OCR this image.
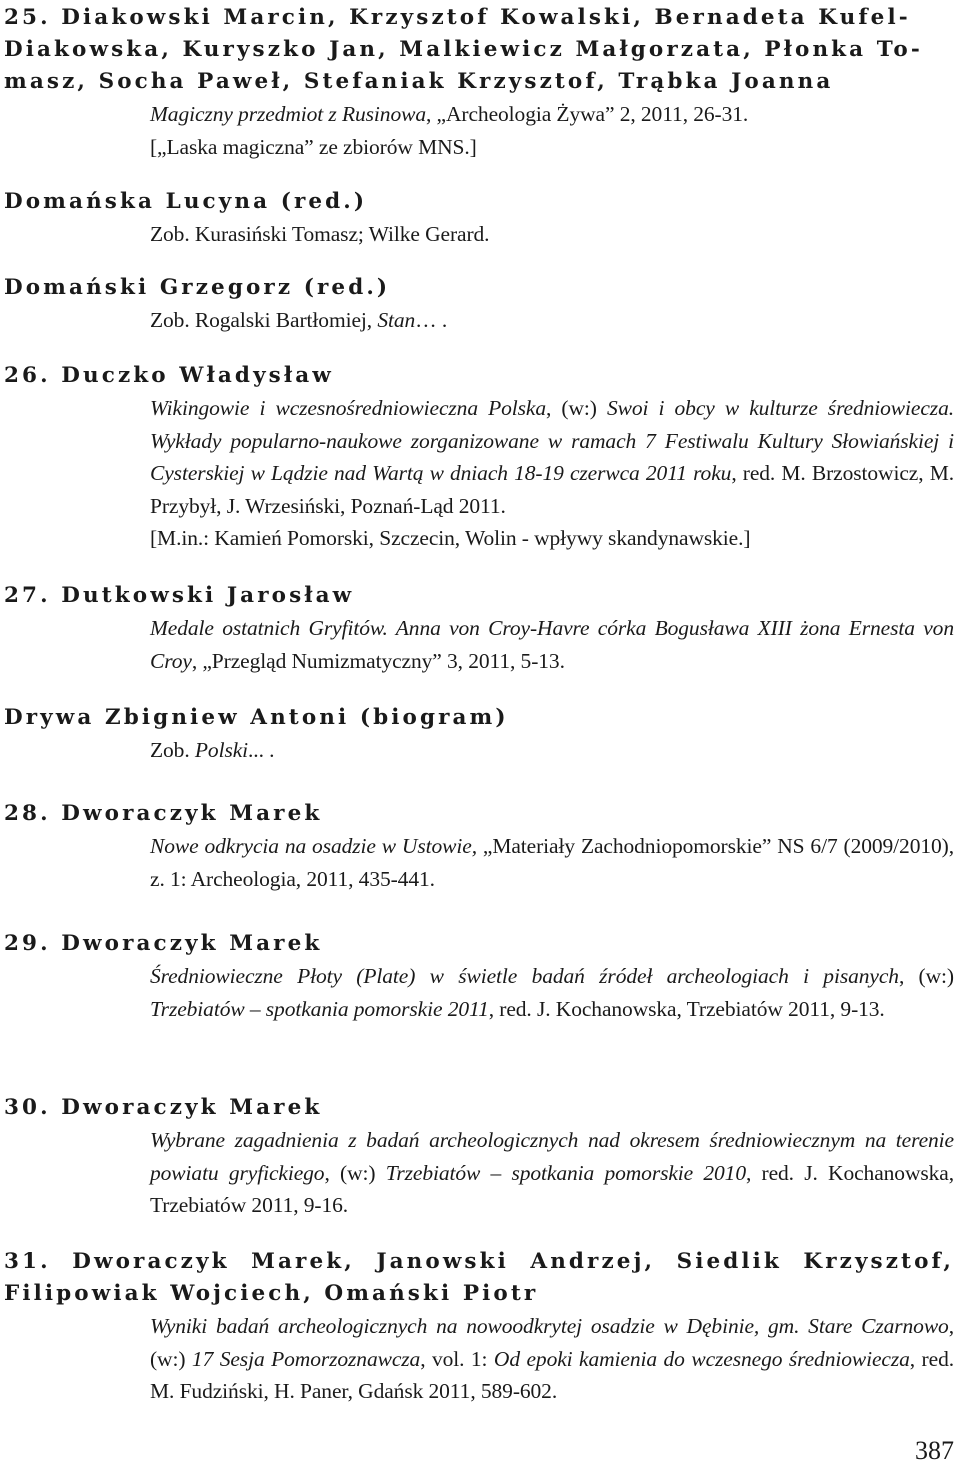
25. Diakowski Marcin, Krzysztof Kowalski, Bernadeta Kufel-
Diakowska, Kuryszko Jan, Malkiewicz Małgorzata, Płonka To-
masz, Socha Paweł, Stefaniak Krzysztof, Trąbka Joanna

Magiczny przedmiot z Rusinowa, „Archeologia Żywa” 2, 2011, 26-31.

[„Laska magiczna” ze zbiorów MNS.]

Domańska Lucyna (red.)

Zob. Kurasiński Tomasz; Wilke Gerard.

Domański Grzegorz (red.)

Zob. Rogalski Bartłomiej, Stan… .

26. Duczko Władysław

Wikingowie i wczesnośredniowieczna Polska, (w:) Swoi i obcy w kulturze średniowiecza. Wykłady popularno-naukowe zorganizowane w ramach 7 Festiwalu Kultury Słowiańskiej i Cysterskiej w Lądzie nad Wartą w dniach 18-19 czerwca 2011 roku, red. M. Brzostowicz, M. Przybył, J. Wrzesiński, Poznań-Ląd 2011.

[M.in.: Kamień Pomorski, Szczecin, Wolin - wpływy skandynawskie.]

27. Dutkowski Jarosław

Medale ostatnich Gryfitów. Anna von Croy-Havre córka Bogusława XIII żona Ernesta von Croy, „Przegląd Numizmatyczny” 3, 2011, 5-13.

Drywa Zbigniew Antoni (biogram)

Zob. Polski... .

28. Dworaczyk Marek

Nowe odkrycia na osadzie w Ustowie, „Materiały Zachodniopomorskie” NS 6/7 (2009/2010), z. 1: Archeologia, 2011, 435-441.

29. Dworaczyk Marek

Średniowieczne Płoty (Plate) w świetle badań źródeł archeologiach i pisanych, (w:) Trzebiatów – spotkania pomorskie 2011, red. J. Kochanowska, Trzebiatów 2011, 9-13.

30. Dworaczyk Marek

Wybrane zagadnienia z badań archeologicznych nad okresem średniowiecznym na terenie powiatu gryfickiego, (w:) Trzebiatów – spotkania pomorskie 2010, red. J. Kochanowska, Trzebiatów 2011, 9-16.

31. Dworaczyk Marek, Janowski Andrzej, Siedlik Krzysztof, Filipowiak Wojciech, Omański Piotr

Wyniki badań archeologicznych na nowoodkrytej osadzie w Dębinie, gm. Stare Czarnowo, (w:) 17 Sesja Pomorzoznawcza, vol. 1: Od epoki kamienia do wczesnego średniowiecza, red. M. Fudziński, H. Paner, Gdańsk 2011, 589-602.

387
